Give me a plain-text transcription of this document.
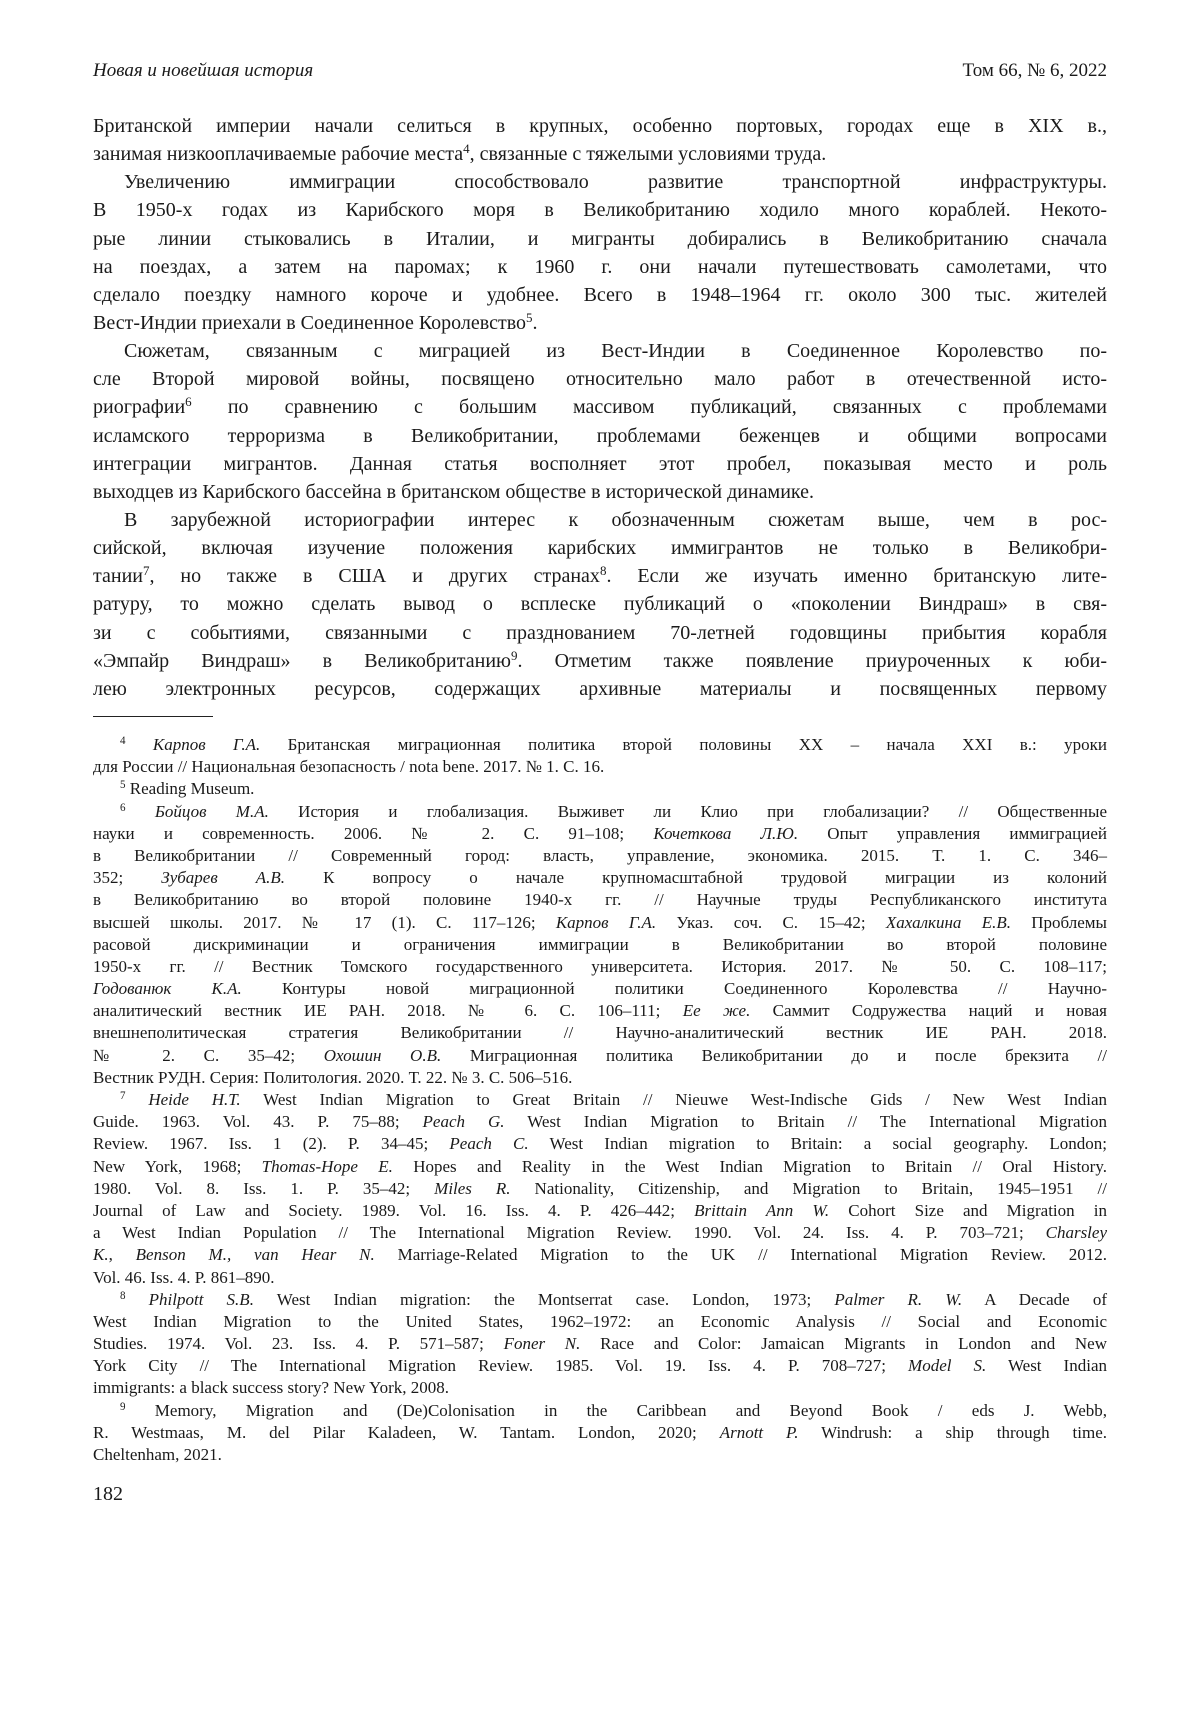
Новая и новейшая история	Том 66, № 6, 2022
Британской империи начали селиться в крупных, особенно портовых, городах еще в XIX в.,
занимая низкооплачиваемые рабочие места$^4$, связанные с тяжелыми условиями труда.
Увеличению иммиграции способствовало развитие транспортной инфраструктуры.
В 1950-х годах из Карибского моря в Великобританию ходило много кораблей. Некото-
рые линии стыковались в Италии, и мигранты добирались в Великобританию сначала
на поездах, а затем на паромах; к 1960 г. они начали путешествовать самолетами, что
сделало поездку намного короче и удобнее. Всего в 1948–1964 гг. около 300 тыс. жителей
Вест-Индии приехали в Соединенное Королевство$^5$.
Сюжетам, связанным с миграцией из Вест-Индии в Соединенное Королевство по-
сле Второй мировой войны, посвящено относительно мало работ в отечественной исто-
риографии$^6$ по сравнению с большим массивом публикаций, связанных с проблемами
исламского терроризма в Великобритании, проблемами беженцев и общими вопросами
интеграции мигрантов. Данная статья восполняет этот пробел, показывая место и роль
выходцев из Карибского бассейна в британском обществе в исторической динамике.
В зарубежной историографии интерес к обозначенным сюжетам выше, чем в рос-
сийской, включая изучение положения карибских иммигрантов не только в Великобри-
тании$^7$, но также в США и других странах$^8$. Если же изучать именно британскую лите-
ратуру, то можно сделать вывод о всплеске публикаций о «поколении Виндраш» в свя-
зи с событиями, связанными с празднованием 70-летней годовщины прибытия корабля
«Эмпайр Виндраш» в Великобританию$^9$. Отметим также появление приуроченных к юби-
лею электронных ресурсов, содержащих архивные материалы и посвященных первому
$^4$ Карпов Г.А. Британская миграционная политика второй половины XX – начала XXI в.: уроки
для России // Национальная безопасность / nota bene. 2017. № 1. С. 16.
$^5$ Reading Museum.
$^6$ Бойцов М.А. История и глобализация. Выживет ли Клио при глобализации? // Общественные
науки и современность. 2006. № 2. С. 91–108; Кочеткова Л.Ю. Опыт управления иммиграцией
в Великобритании // Современный город: власть, управление, экономика. 2015. Т. 1. С. 346–
352; Зубарев А.В. К вопросу о начале крупномасштабной трудовой миграции из колоний
в Великобританию во второй половине 1940-х гг. // Научные труды Республиканского института
высшей школы. 2017. № 17 (1). С. 117–126; Карпов Г.А. Указ. соч. С. 15–42; Хахалкина Е.В. Проблемы
расовой дискриминации и ограничения иммиграции в Великобритании во второй половине
1950-х гг. // Вестник Томского государственного университета. История. 2017. № 50. С. 108–117;
Годованюк К.А. Контуры новой миграционной политики Соединенного Королевства // Научно-
аналитический вестник ИЕ РАН. 2018. № 6. С. 106–111; Ее же. Саммит Содружества наций и новая
внешнеполитическая стратегия Великобритании // Научно-аналитический вестник ИЕ РАН. 2018.
№ 2. С. 35–42; Охошин О.В. Миграционная политика Великобритании до и после брекзита //
Вестник РУДН. Серия: Политология. 2020. Т. 22. № 3. С. 506–516.
$^7$ Heide H.T. West Indian Migration to Great Britain // Nieuwe West-Indische Gids / New West Indian
Guide. 1963. Vol. 43. P. 75–88; Peach G. West Indian Migration to Britain // The International Migration
Review. 1967. Iss. 1 (2). P. 34–45; Peach C. West Indian migration to Britain: a social geography. London;
New York, 1968; Thomas-Hope E. Hopes and Reality in the West Indian Migration to Britain // Oral History.
1980. Vol. 8. Iss. 1. P. 35–42; Miles R. Nationality, Citizenship, and Migration to Britain, 1945–1951 //
Journal of Law and Society. 1989. Vol. 16. Iss. 4. P. 426–442; Brittain Ann W. Cohort Size and Migration in
a West Indian Population // The International Migration Review. 1990. Vol. 24. Iss. 4. P. 703–721; Charsley
K., Benson M., van Hear N. Marriage-Related Migration to the UK // International Migration Review. 2012.
Vol. 46. Iss. 4. P. 861–890.
$^8$ Philpott S.B. West Indian migration: the Montserrat case. London, 1973; Palmer R. W. A Decade of
West Indian Migration to the United States, 1962–1972: an Economic Analysis // Social and Economic
Studies. 1974. Vol. 23. Iss. 4. P. 571–587; Foner N. Race and Color: Jamaican Migrants in London and New
York City // The International Migration Review. 1985. Vol. 19. Iss. 4. P. 708–727; Model S. West Indian
immigrants: a black success story? New York, 2008.
$^9$ Memory, Migration and (De)Colonisation in the Caribbean and Beyond Book / eds J. Webb,
R. Westmaas, M. del Pilar Kaladeen, W. Tantam. London, 2020; Arnott P. Windrush: a ship through time.
Cheltenham, 2021.
182
